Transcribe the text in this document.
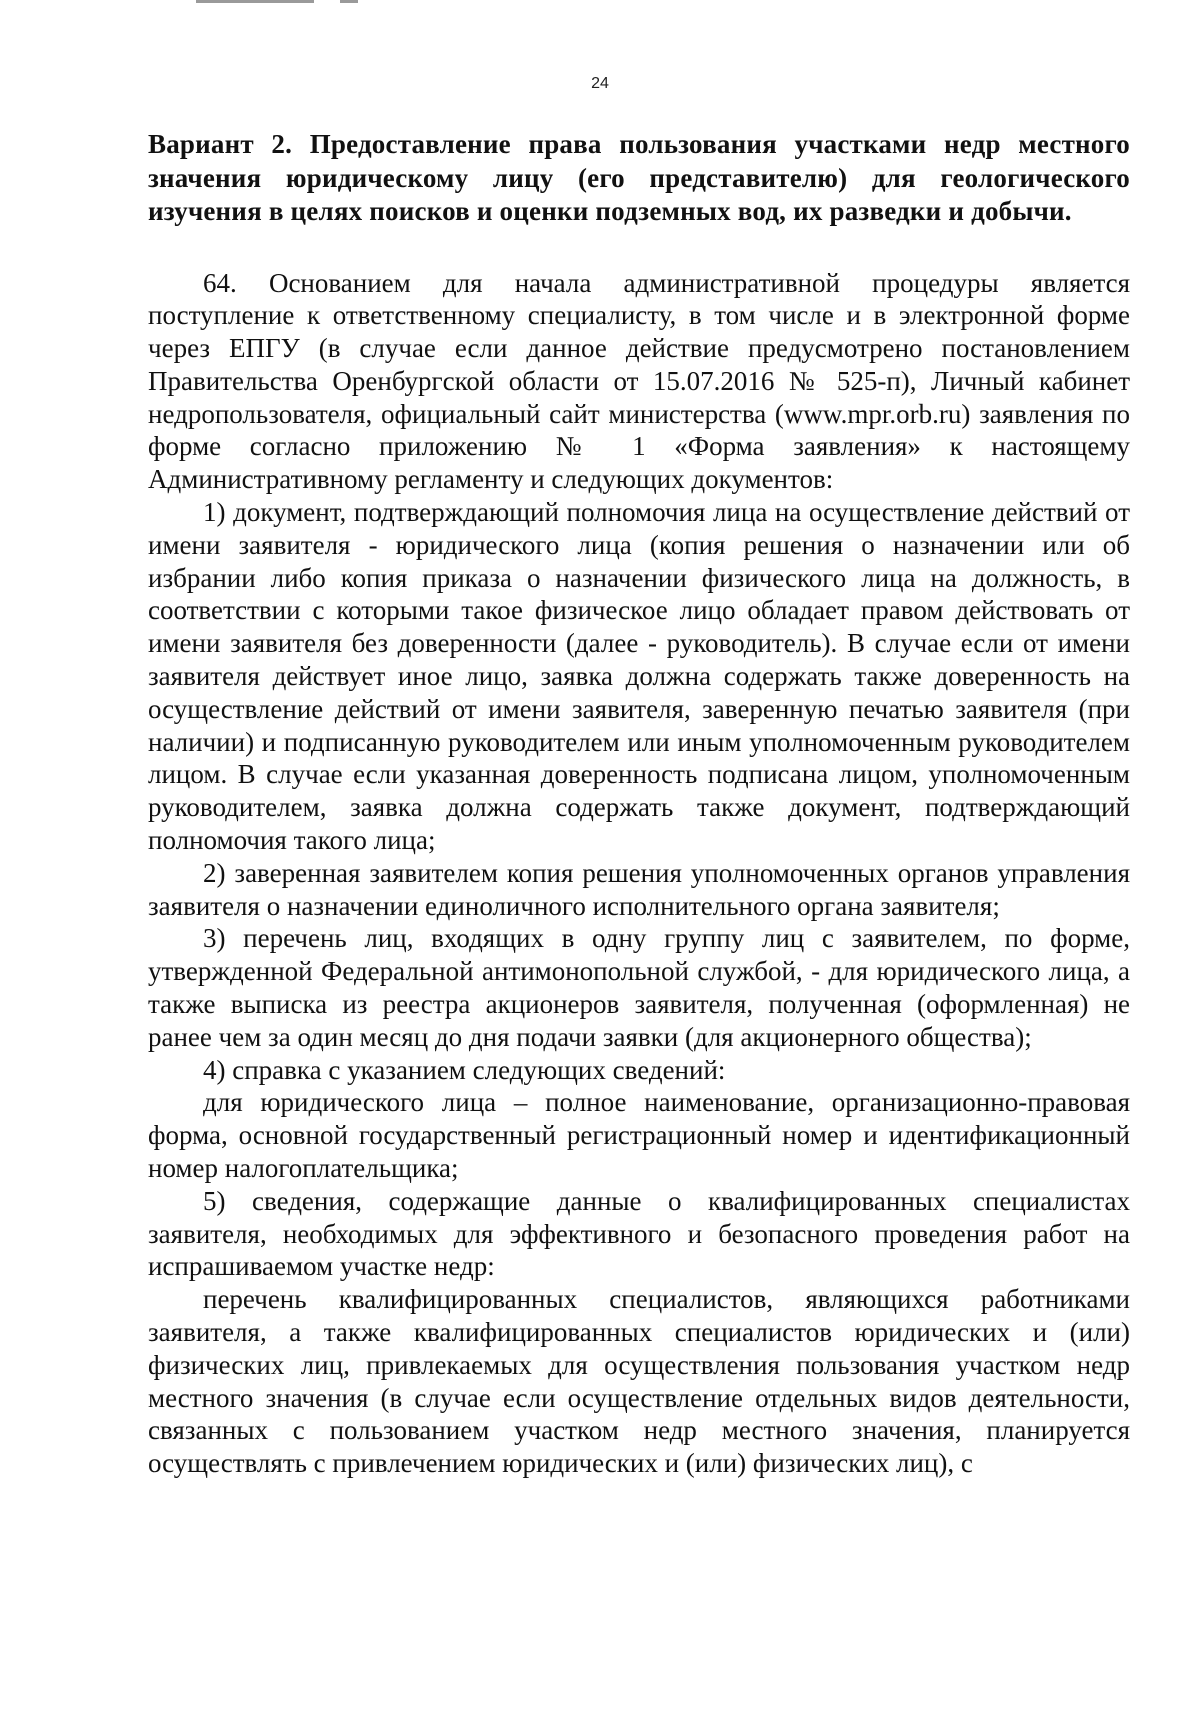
24

Вариант 2. Предоставление права пользования участками недр местного значения юридическому лицу (его представителю) для геологического изучения в целях поисков и оценки подземных вод, их разведки и добычи.

64. Основанием для начала административной процедуры является поступление к ответственному специалисту, в том числе и в электронной форме через ЕПГУ (в случае если данное действие предусмотрено постановлением Правительства Оренбургской области от 15.07.2016 № 525-п), Личный кабинет недропользователя, официальный сайт министерства (www.mpr.orb.ru) заявления по форме согласно приложению № 1 «Форма заявления» к настоящему Административному регламенту и следующих документов:

1) документ, подтверждающий полномочия лица на осуществление действий от имени заявителя - юридического лица (копия решения о назначении или об избрании либо копия приказа о назначении физического лица на должность, в соответствии с которыми такое физическое лицо обладает правом действовать от имени заявителя без доверенности (далее - руководитель). В случае если от имени заявителя действует иное лицо, заявка должна содержать также доверенность на осуществление действий от имени заявителя, заверенную печатью заявителя (при наличии) и подписанную руководителем или иным уполномоченным руководителем лицом. В случае если указанная доверенность подписана лицом, уполномоченным руководителем, заявка должна содержать также документ, подтверждающий полномочия такого лица;

2) заверенная заявителем копия решения уполномоченных органов управления заявителя о назначении единоличного исполнительного органа заявителя;

3) перечень лиц, входящих в одну группу лиц с заявителем, по форме, утвержденной Федеральной антимонопольной службой, - для юридического лица, а также выписка из реестра акционеров заявителя, полученная (оформленная) не ранее чем за один месяц до дня подачи заявки (для акционерного общества);

4) справка с указанием следующих сведений:

для юридического лица – полное наименование, организационно-правовая форма, основной государственный регистрационный номер и идентификационный номер налогоплательщика;

5) сведения, содержащие данные о квалифицированных специалистах заявителя, необходимых для эффективного и безопасного проведения работ на испрашиваемом участке недр:

перечень квалифицированных специалистов, являющихся работниками заявителя, а также квалифицированных специалистов юридических и (или) физических лиц, привлекаемых для осуществления пользования участком недр местного значения (в случае если осуществление отдельных видов деятельности, связанных с пользованием участком недр местного значения, планируется осуществлять с привлечением юридических и (или) физических лиц), с
